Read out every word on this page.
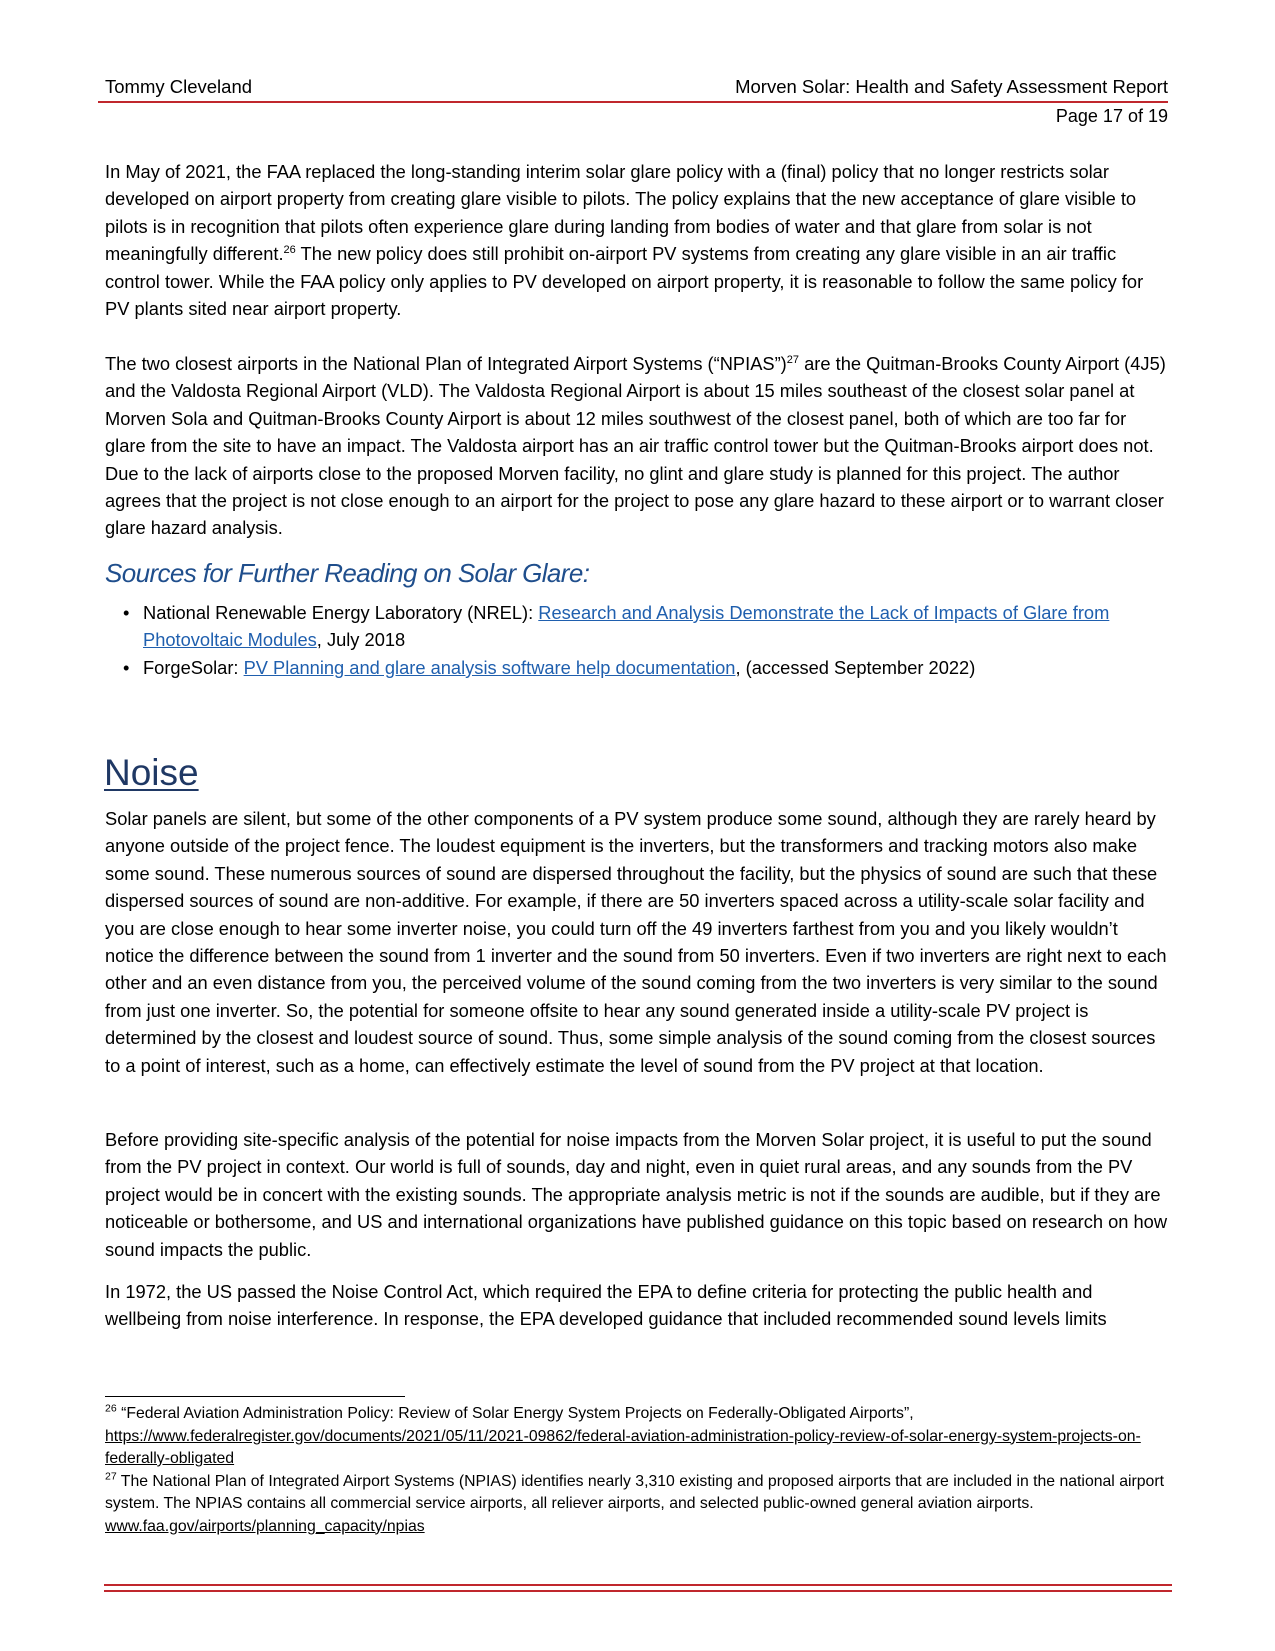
Tommy Cleveland	Morven Solar: Health and Safety Assessment Report
Page 17 of 19

In May of 2021, the FAA replaced the long-standing interim solar glare policy with a (final) policy that no longer restricts solar developed on airport property from creating glare visible to pilots. The policy explains that the new acceptance of glare visible to pilots is in recognition that pilots often experience glare during landing from bodies of water and that glare from solar is not meaningfully different.$^{26}$ The new policy does still prohibit on-airport PV systems from creating any glare visible in an air traffic control tower. While the FAA policy only applies to PV developed on airport property, it is reasonable to follow the same policy for PV plants sited near airport property.

The two closest airports in the National Plan of Integrated Airport Systems (“NPIAS”)$^{27}$ are the Quitman-Brooks County Airport (4J5) and the Valdosta Regional Airport (VLD). The Valdosta Regional Airport is about 15 miles southeast of the closest solar panel at Morven Sola and Quitman-Brooks County Airport is about 12 miles southwest of the closest panel, both of which are too far for glare from the site to have an impact. The Valdosta airport has an air traffic control tower but the Quitman-Brooks airport does not. Due to the lack of airports close to the proposed Morven facility, no glint and glare study is planned for this project. The author agrees that the project is not close enough to an airport for the project to pose any glare hazard to these airport or to warrant closer glare hazard analysis.

Sources for Further Reading on Solar Glare:
• National Renewable Energy Laboratory (NREL): Research and Analysis Demonstrate the Lack of Impacts of Glare from Photovoltaic Modules, July 2018
• ForgeSolar: PV Planning and glare analysis software help documentation, (accessed September 2022)
Noise

Solar panels are silent, but some of the other components of a PV system produce some sound, although they are rarely heard by anyone outside of the project fence. The loudest equipment is the inverters, but the transformers and tracking motors also make some sound. These numerous sources of sound are dispersed throughout the facility, but the physics of sound are such that these dispersed sources of sound are non-additive. For example, if there are 50 inverters spaced across a utility-scale solar facility and you are close enough to hear some inverter noise, you could turn off the 49 inverters farthest from you and you likely wouldn’t notice the difference between the sound from 1 inverter and the sound from 50 inverters. Even if two inverters are right next to each other and an even distance from you, the perceived volume of the sound coming from the two inverters is very similar to the sound from just one inverter. So, the potential for someone offsite to hear any sound generated inside a utility-scale PV project is determined by the closest and loudest source of sound. Thus, some simple analysis of the sound coming from the closest sources to a point of interest, such as a home, can effectively estimate the level of sound from the PV project at that location.

Before providing site-specific analysis of the potential for noise impacts from the Morven Solar project, it is useful to put the sound from the PV project in context. Our world is full of sounds, day and night, even in quiet rural areas, and any sounds from the PV project would be in concert with the existing sounds. The appropriate analysis metric is not if the sounds are audible, but if they are noticeable or bothersome, and US and international organizations have published guidance on this topic based on research on how sound impacts the public.

In 1972, the US passed the Noise Control Act, which required the EPA to define criteria for protecting the public health and wellbeing from noise interference. In response, the EPA developed guidance that included recommended sound levels limits

$^{26}$ “Federal Aviation Administration Policy: Review of Solar Energy System Projects on Federally-Obligated Airports”,
https://www.federalregister.gov/documents/2021/05/11/2021-09862/federal-aviation-administration-policy-review-of-solar-energy-system-projects-on-federally-obligated

$^{27}$ The National Plan of Integrated Airport Systems (NPIAS) identifies nearly 3,310 existing and proposed airports that are included in the national airport system. The NPIAS contains all commercial service airports, all reliever airports, and selected public-owned general aviation airports. www.faa.gov/airports/planning_capacity/npias
